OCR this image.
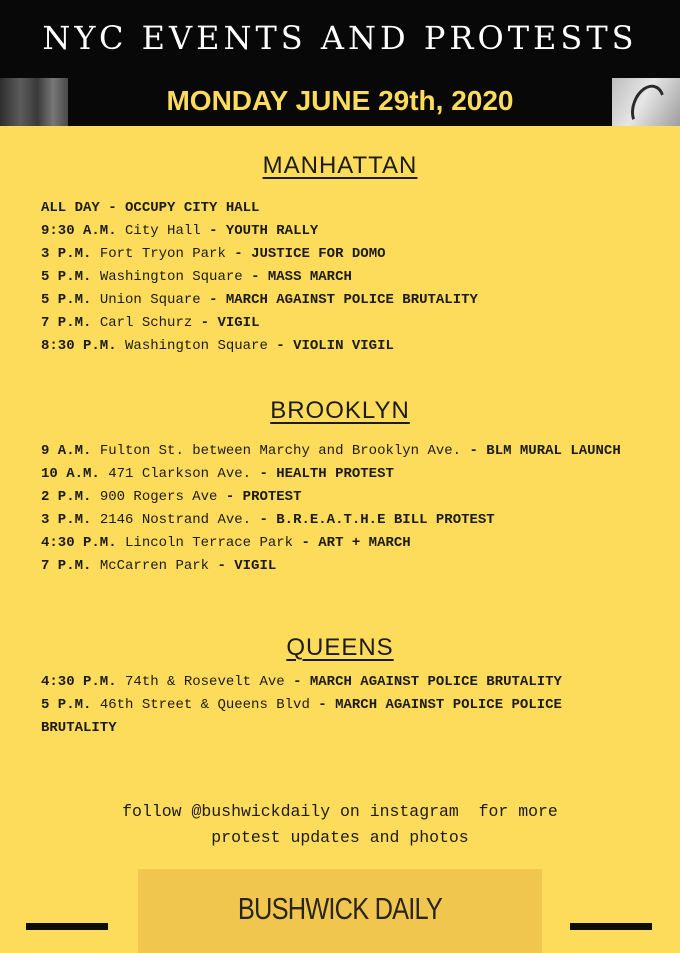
NYC EVENTS AND PROTESTS
MONDAY JUNE 29th, 2020
MANHATTAN
ALL DAY - OCCUPY CITY HALL
9:30 A.M. City Hall - YOUTH RALLY
3 P.M. Fort Tryon Park - JUSTICE FOR DOMO
5 P.M. Washington Square - MASS MARCH
5 P.M. Union Square - MARCH AGAINST POLICE BRUTALITY
7 P.M. Carl Schurz - VIGIL
8:30 P.M. Washington Square - VIOLIN VIGIL
BROOKLYN
9 A.M. Fulton St. between Marchy and Brooklyn Ave. - BLM MURAL LAUNCH
10 A.M. 471 Clarkson Ave. - HEALTH PROTEST
2 P.M. 900 Rogers Ave - PROTEST
3 P.M. 2146 Nostrand Ave. - B.R.E.A.T.H.E BILL PROTEST
4:30 P.M. Lincoln Terrace Park - ART + MARCH
7 P.M. McCarren Park - VIGIL
QUEENS
4:30 P.M. 74th & Rosevelt Ave - MARCH AGAINST POLICE BRUTALITY
5 P.M. 46th Street & Queens Blvd - MARCH AGAINST POLICE POLICE BRUTALITY
follow @bushwickdaily on instagram  for more
protest updates and photos
BUSHWICK DAILY
